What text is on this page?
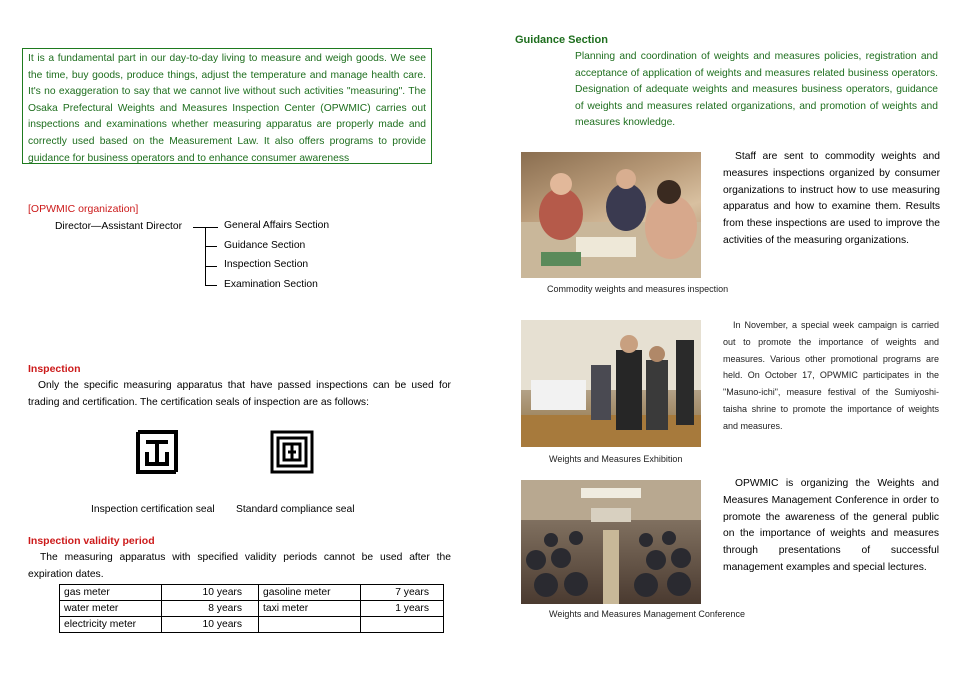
It is a fundamental part in our day-to-day living to measure and weigh goods. We see the time, buy goods, produce things, adjust the temperature and manage health care. It's no exaggeration to say that we cannot live without such activities "measuring". The Osaka Prefectural Weights and Measures Inspection Center (OPWMIC) carries out inspections and examinations whether measuring apparatus are properly made and correctly used based on the Measurement Law. It also offers programs to provide guidance for business operators and to enhance consumer awareness
[OPWMIC organization]
Director—Assistant Director	General Affairs Section
Guidance Section
Inspection Section
Examination Section
Inspection
Only the specific measuring apparatus that have passed inspections can be used for trading and certification. The certification seals of inspection are as follows:
Inspection certification seal Standard compliance seal
Inspection validity period
The measuring apparatus with specified validity periods cannot be used after the expiration dates.
gas meter	10 years	gasoline meter	7 years
water meter	8 years	taxi meter	1 years
electricity meter	10 years		
Guidance Section
Planning and coordination of weights and measures policies, registration and acceptance of application of weights and measures related business operators. Designation of adequate weights and measures business operators, guidance of weights and measures related organizations, and promotion of weights and measures knowledge.
Commodity weights and measures inspection
Staff are sent to commodity weights and measures inspections organized by consumer organizations to instruct how to use measuring apparatus and how to examine them. Results from these inspections are used to improve the activities of the measuring organizations.
Weights and Measures Exhibition
In November, a special week campaign is carried out to promote the importance of weights and measures. Various other promotional programs are held. On October 17, OPWMIC participates in the "Masuno-ichi", measure festival of the Sumiyoshi-taisha shrine to promote the importance of weights and measures.
Weights and Measures Management Conference
OPWMIC is organizing the Weights and Measures Management Conference in order to promote the awareness of the general public on the importance of weights and measures through presentations of successful management examples and special lectures.
